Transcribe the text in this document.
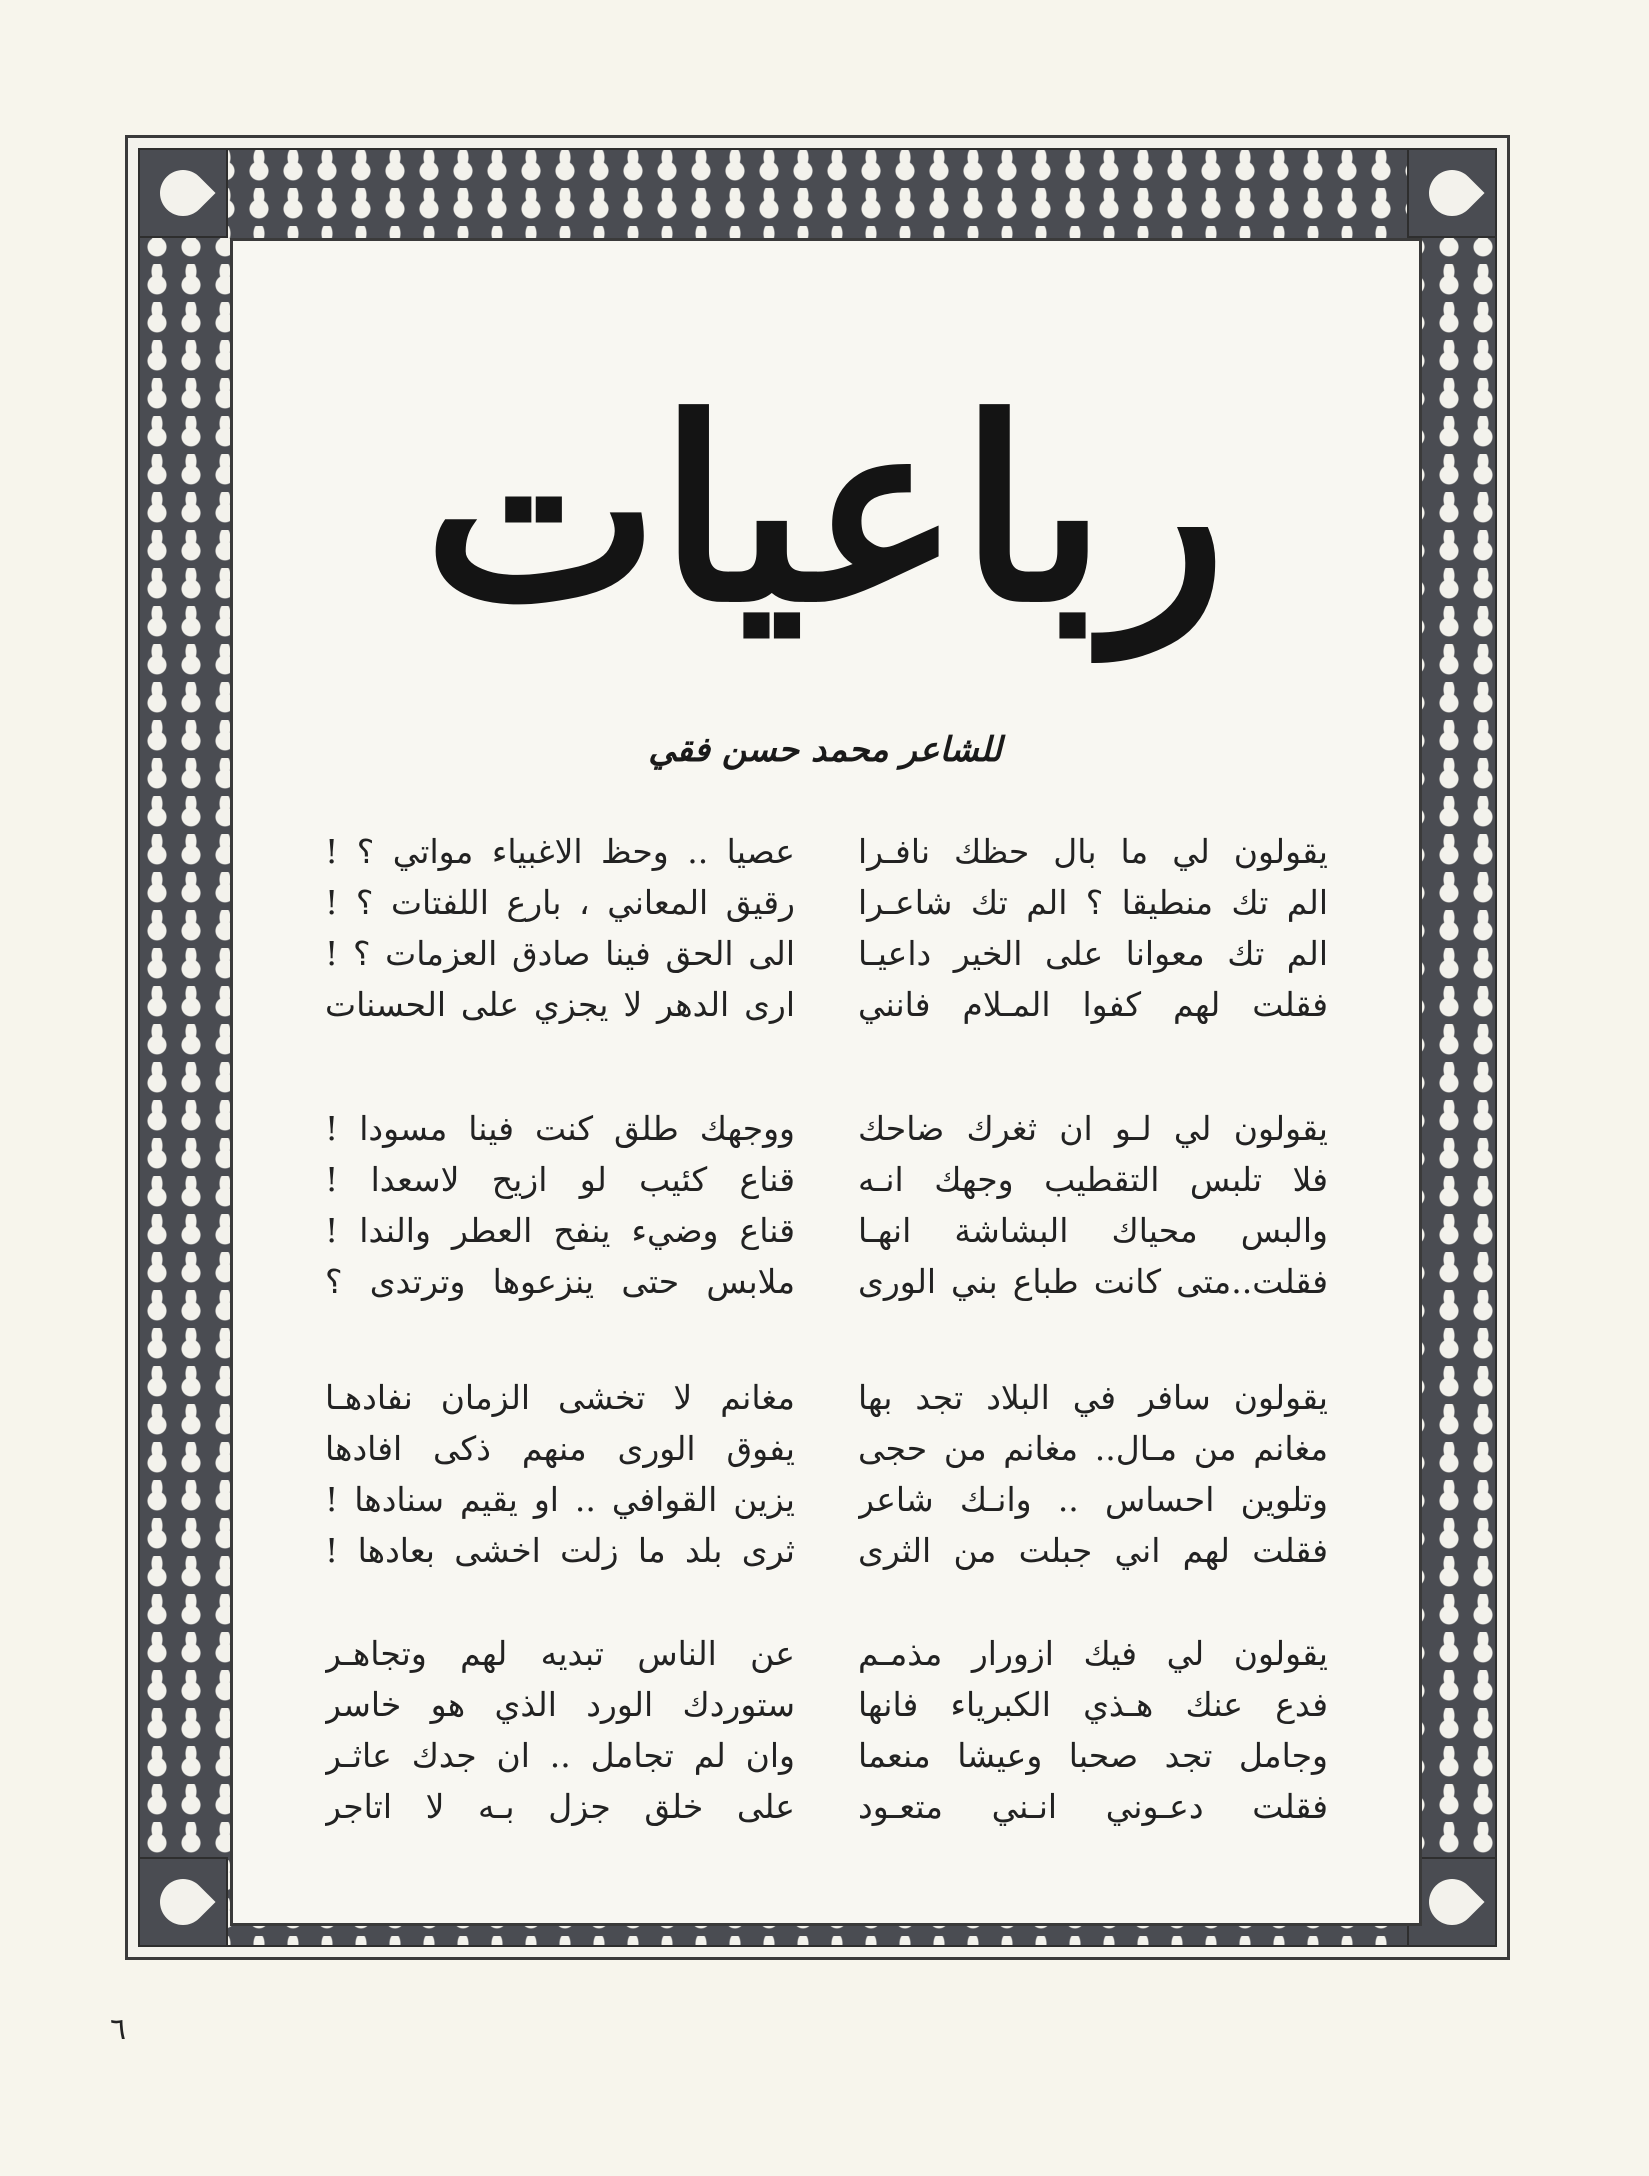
رباعيات
للشاعر محمد حسن فقي
يقولون لي ما بال حظك نافـرا
الم تك منطيقا ؟ الم تك شاعـرا
الم تك معوانا على الخير داعيـا
فقلت لهم كفوا المـلام فانني
عصيا .. وحظ الاغبياء مواتي ؟ !
رقيق المعاني ، بارع اللفتات ؟ !
الى الحق فينا صادق العزمات ؟ !
ارى الدهر لا يجزي على الحسنات
يقولون لي لـو ان ثغرك ضاحك
فلا تلبس التقطيب وجهك انـه
والبس محياك البشاشة انهـا
فقلت..متى كانت طباع بني الورى
ووجهك طلق كنت فينا مسودا !
قناع كئيب لو ازيح لاسعدا !
قناع وضيء ينفح العطر والندا !
ملابس حتى ينزعوها وترتدى ؟
يقولون سافر في البلاد تجد بها
مغانم من مـال.. مغانم من حجى
وتلوين احساس .. وانـك شاعر
فقلت لهم اني جبلت من الثرى
مغانم لا تخشى الزمان نفادهـا
يفوق الورى منهم ذكى افادها
يزين القوافي .. او يقيم سنادها !
ثرى بلد ما زلت اخشى بعادها !
يقولون لي فيك ازورار مذمـم
فدع عنك هـذي الكبرياء فانها
وجامل تجد صحبا وعيشا منعما
فقلت دعـوني انـني متعـود
عن الناس تبديه لهم وتجاهـر
ستوردك الورد الذي هو خاسر
وان لم تجامل .. ان جدك عاثـر
على خلق جزل بـه لا اتاجر
٦
